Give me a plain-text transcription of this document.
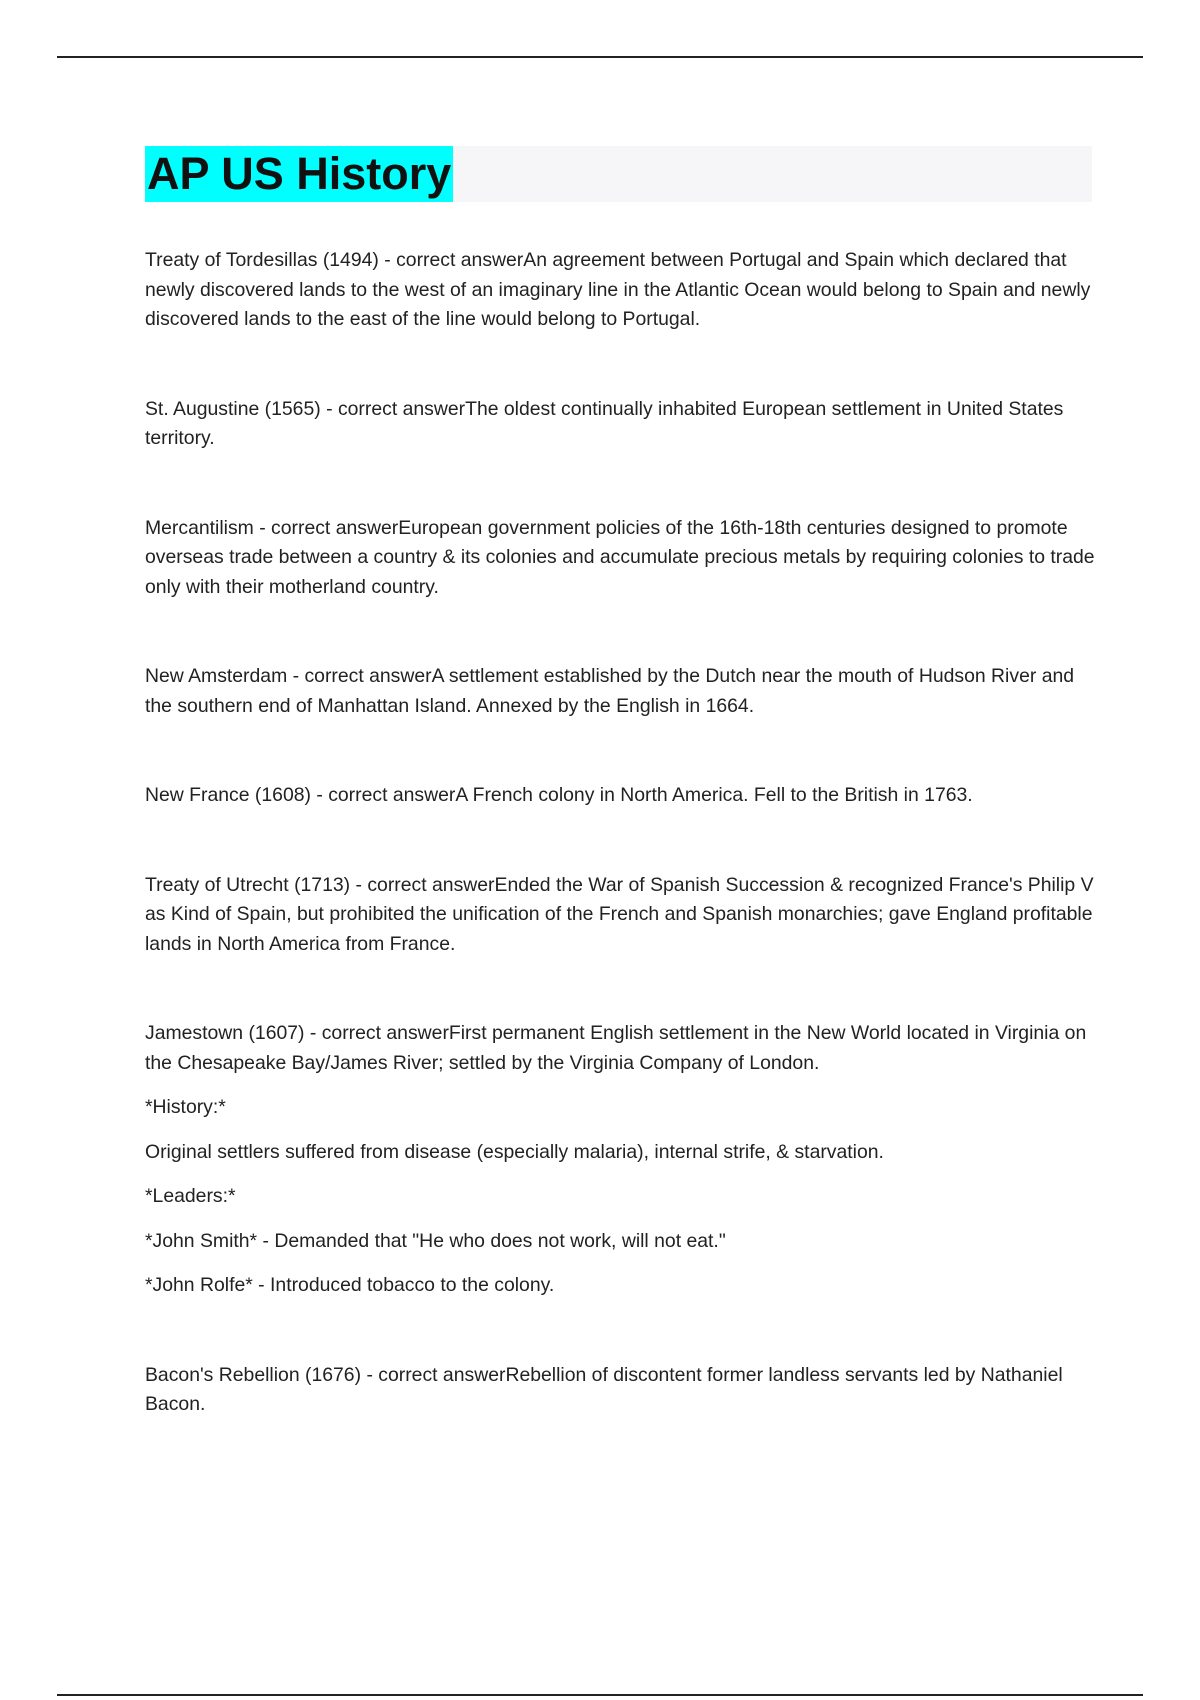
AP US History

Treaty of Tordesillas (1494) - correct answerAn agreement between Portugal and Spain which declared that newly discovered lands to the west of an imaginary line in the Atlantic Ocean would belong to Spain and newly discovered lands to the east of the line would belong to Portugal.

St. Augustine (1565) - correct answerThe oldest continually inhabited European settlement in United States territory.

Mercantilism - correct answerEuropean government policies of the 16th-18th centuries designed to promote overseas trade between a country & its colonies and accumulate precious metals by requiring colonies to trade only with their motherland country.

New Amsterdam - correct answerA settlement established by the Dutch near the mouth of Hudson River and the southern end of Manhattan Island. Annexed by the English in 1664.

New France (1608) - correct answerA French colony in North America. Fell to the British in 1763.

Treaty of Utrecht (1713) - correct answerEnded the War of Spanish Succession & recognized France's Philip V as Kind of Spain, but prohibited the unification of the French and Spanish monarchies; gave England profitable lands in North America from France.

Jamestown (1607) - correct answerFirst permanent English settlement in the New World located in Virginia on the Chesapeake Bay/James River; settled by the Virginia Company of London.

*History:*

Original settlers suffered from disease (especially malaria), internal strife, & starvation.

*Leaders:*

*John Smith* - Demanded that "He who does not work, will not eat."

*John Rolfe* - Introduced tobacco to the colony.

Bacon's Rebellion (1676) - correct answerRebellion of discontent former landless servants led by Nathaniel Bacon.
